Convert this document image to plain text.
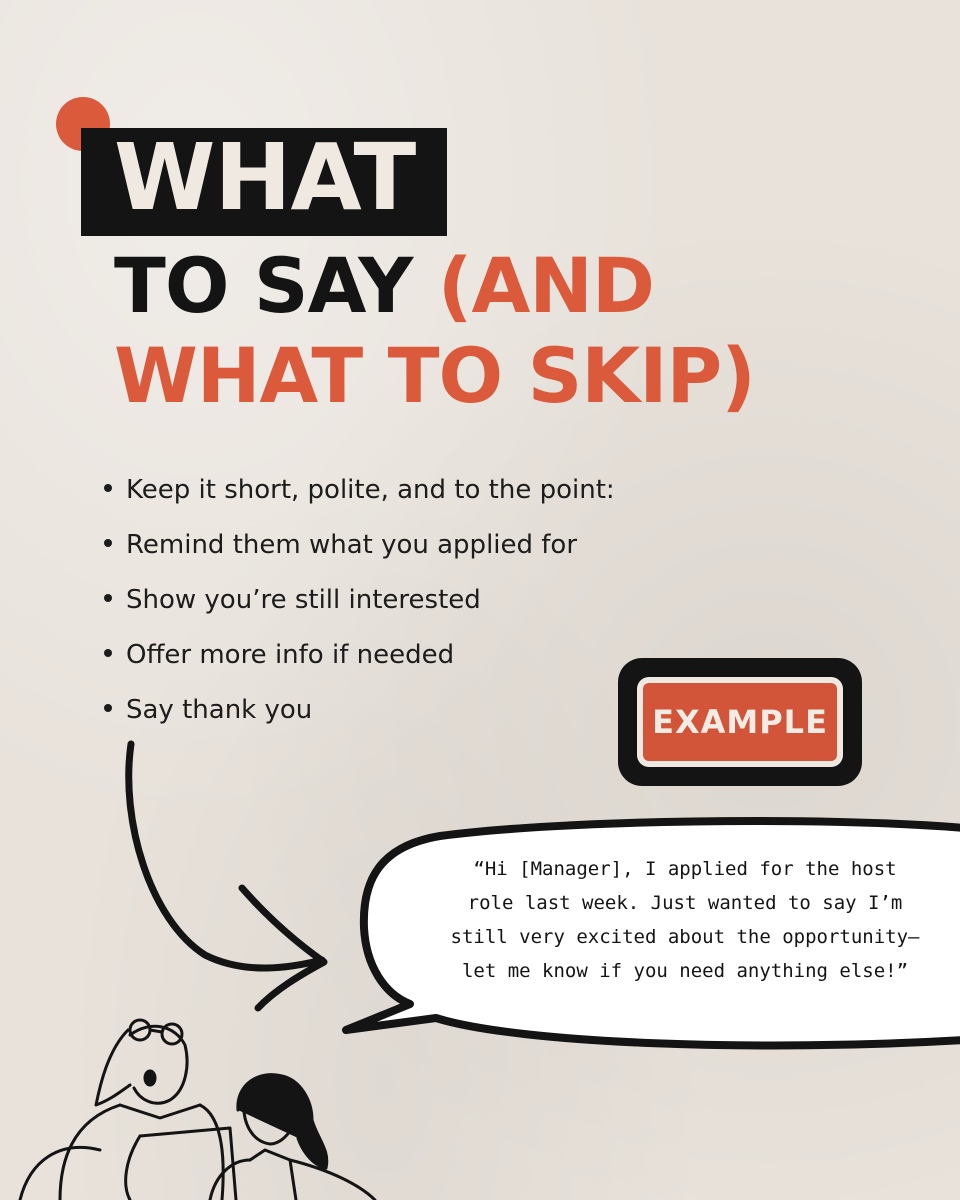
WHAT
TO SAY (AND
WHAT TO SKIP)
Keep it short, polite, and to the point:
Remind them what you applied for
Show you’re still interested
Offer more info if needed
Say thank you	EXAMPLE
“Hi [Manager], I applied for the host role last week. Just wanted to say I’m still very excited about the opportunity—let me know if you need anything else!”
